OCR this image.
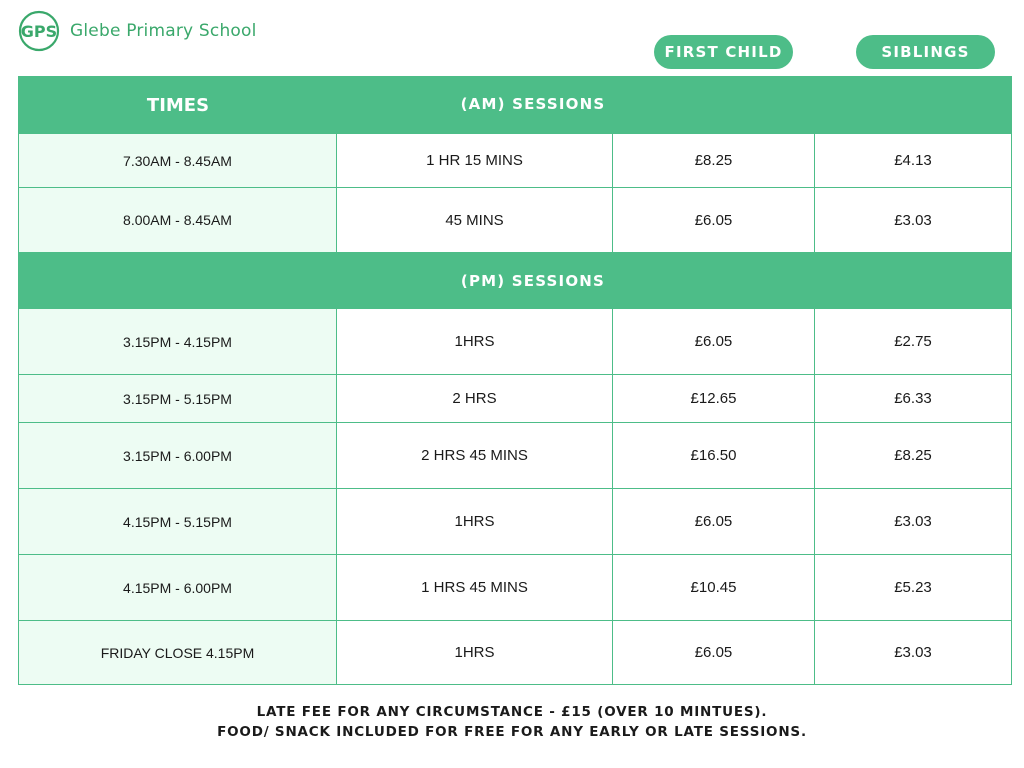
GPS Glebe Primary School
FIRST CHILD	SIBLINGS
TIMES	(AM) SESSIONS
7.30AM - 8.45AM	1 HR 15 MINS	£8.25	£4.13
8.00AM - 8.45AM	45 MINS	£6.05	£3.03
(PM) SESSIONS
3.15PM - 4.15PM	1HRS	£6.05	£2.75
3.15PM - 5.15PM	2 HRS	£12.65	£6.33
3.15PM - 6.00PM	2 HRS 45 MINS	£16.50	£8.25
4.15PM - 5.15PM	1HRS	£6.05	£3.03
4.15PM - 6.00PM	1 HRS 45 MINS	£10.45	£5.23
FRIDAY CLOSE 4.15PM	1HRS	£6.05	£3.03
LATE FEE FOR ANY CIRCUMSTANCE - £15 (OVER 10 MINTUES).
FOOD/ SNACK INCLUDED FOR FREE FOR ANY EARLY OR LATE SESSIONS.
